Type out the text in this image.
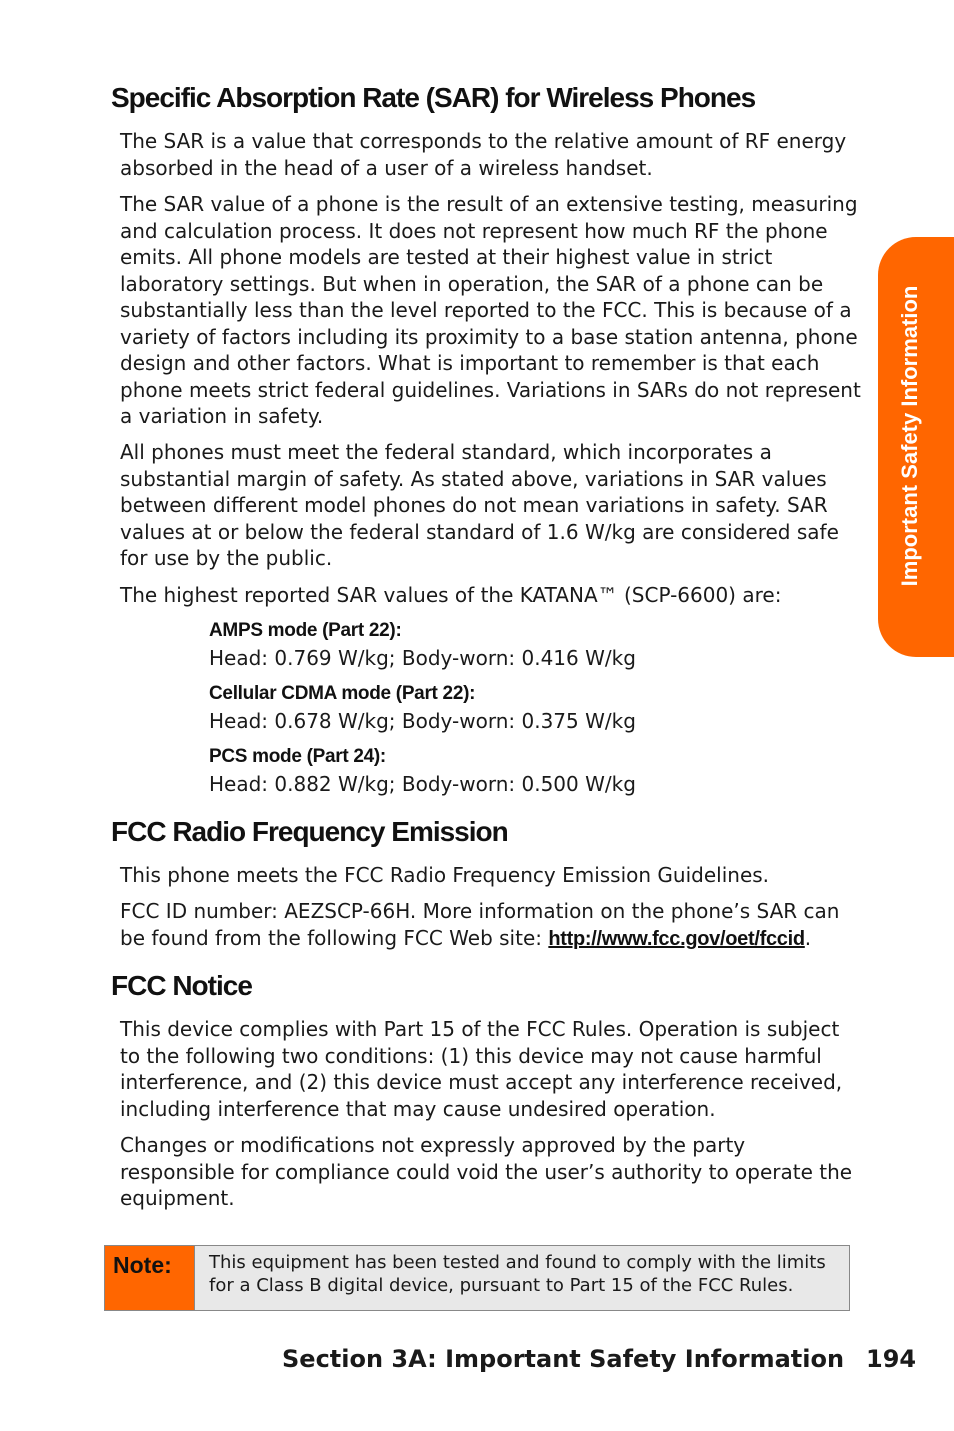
Important Safety Information
Specific Absorption Rate (SAR) for Wireless Phones

The SAR is a value that corresponds to the relative amount of RF energy absorbed in the head of a user of a wireless handset.

The SAR value of a phone is the result of an extensive testing, measuring and calculation process. It does not represent how much RF the phone emits. All phone models are tested at their highest value in strict laboratory settings. But when in operation, the SAR of a phone can be substantially less than the level reported to the FCC. This is because of a variety of factors including its proximity to a base station antenna, phone design and other factors. What is important to remember is that each phone meets strict federal guidelines. Variations in SARs do not represent a variation in safety.

All phones must meet the federal standard, which incorporates a substantial margin of safety. As stated above, variations in SAR values between different model phones do not mean variations in safety. SAR values at or below the federal standard of 1.6 W/kg are considered safe for use by the public.

The highest reported SAR values of the KATANA™ (SCP-6600) are:

AMPS mode (Part 22):

Head: 0.769 W/kg; Body-worn: 0.416 W/kg

Cellular CDMA mode (Part 22):

Head: 0.678 W/kg; Body-worn: 0.375 W/kg

PCS mode (Part 24):

Head: 0.882 W/kg; Body-worn: 0.500 W/kg

FCC Radio Frequency Emission

This phone meets the FCC Radio Frequency Emission Guidelines.

FCC ID number: AEZSCP-66H. More information on the phone’s SAR can be found from the following FCC Web site: http://www.fcc.gov/oet/fccid.

FCC Notice

This device complies with Part 15 of the FCC Rules. Operation is subject to the following two conditions: (1) this device may not cause harmful interference, and (2) this device must accept any interference received, including interference that may cause undesired operation.

Changes or modifications not expressly approved by the party responsible for compliance could void the user’s authority to operate the equipment.

Note:	This equipment has been tested and found to comply with the limits for a Class B digital device, pursuant to Part 15 of the FCC Rules.
Section 3A: Important Safety Information 194
